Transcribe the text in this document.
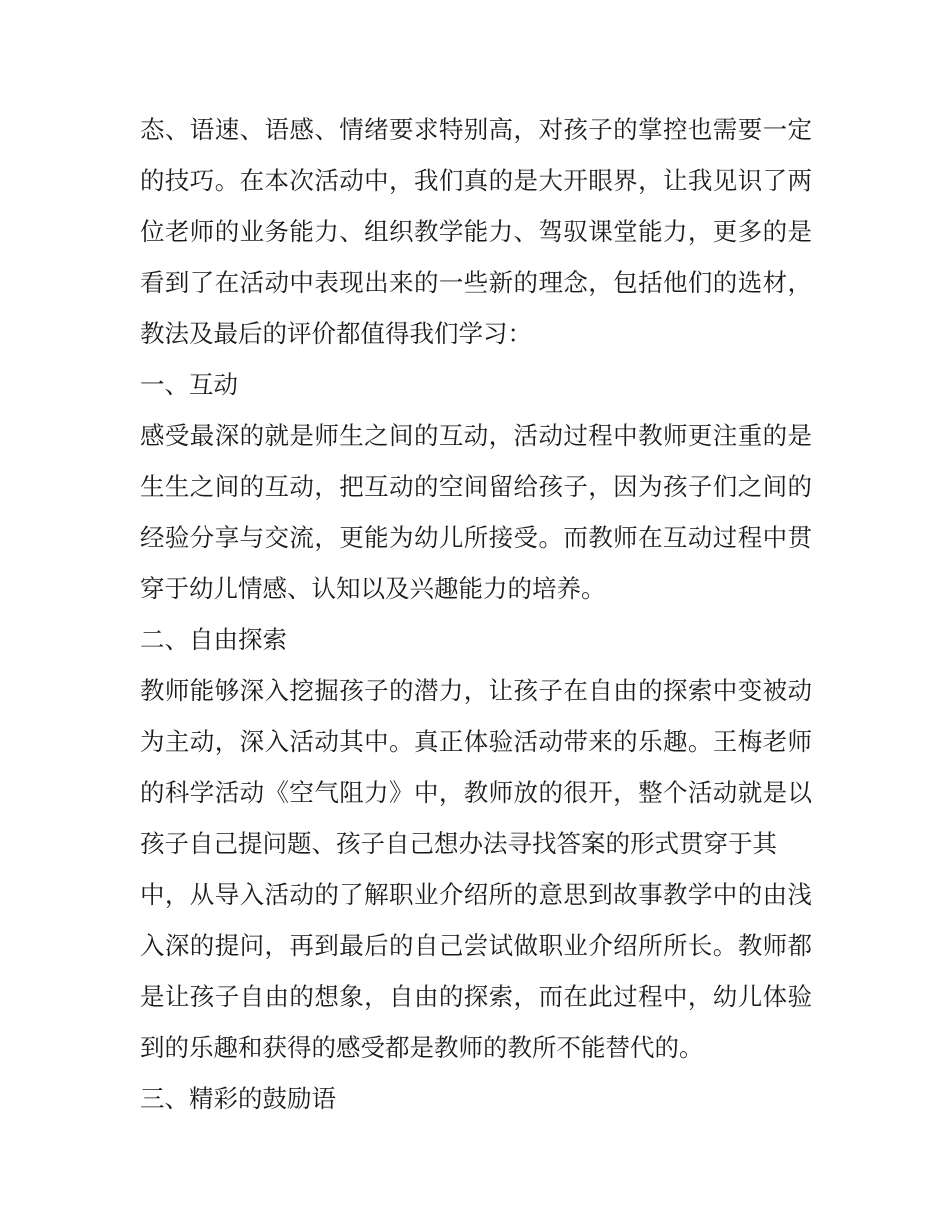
态、语速、语感、情绪要求特别高，对孩子的掌控也需要一定
的技巧。在本次活动中，我们真的是大开眼界，让我见识了两
位老师的业务能力、组织教学能力、驾驭课堂能力，更多的是
看到了在活动中表现出来的一些新的理念，包括他们的选材，
教法及最后的评价都值得我们学习：
一、互动
感受最深的就是师生之间的互动，活动过程中教师更注重的是
生生之间的互动，把互动的空间留给孩子，因为孩子们之间的
经验分享与交流，更能为幼儿所接受。而教师在互动过程中贯
穿于幼儿情感、认知以及兴趣能力的培养。
二、自由探索
教师能够深入挖掘孩子的潜力，让孩子在自由的探索中变被动
为主动，深入活动其中。真正体验活动带来的乐趣。王梅老师
的科学活动《空气阻力》中，教师放的很开，整个活动就是以
孩子自己提问题、孩子自己想办法寻找答案的形式贯穿于其
中，从导入活动的了解职业介绍所的意思到故事教学中的由浅
入深的提问，再到最后的自己尝试做职业介绍所所长。教师都
是让孩子自由的想象，自由的探索，而在此过程中，幼儿体验
到的乐趣和获得的感受都是教师的教所不能替代的。
三、精彩的鼓励语
